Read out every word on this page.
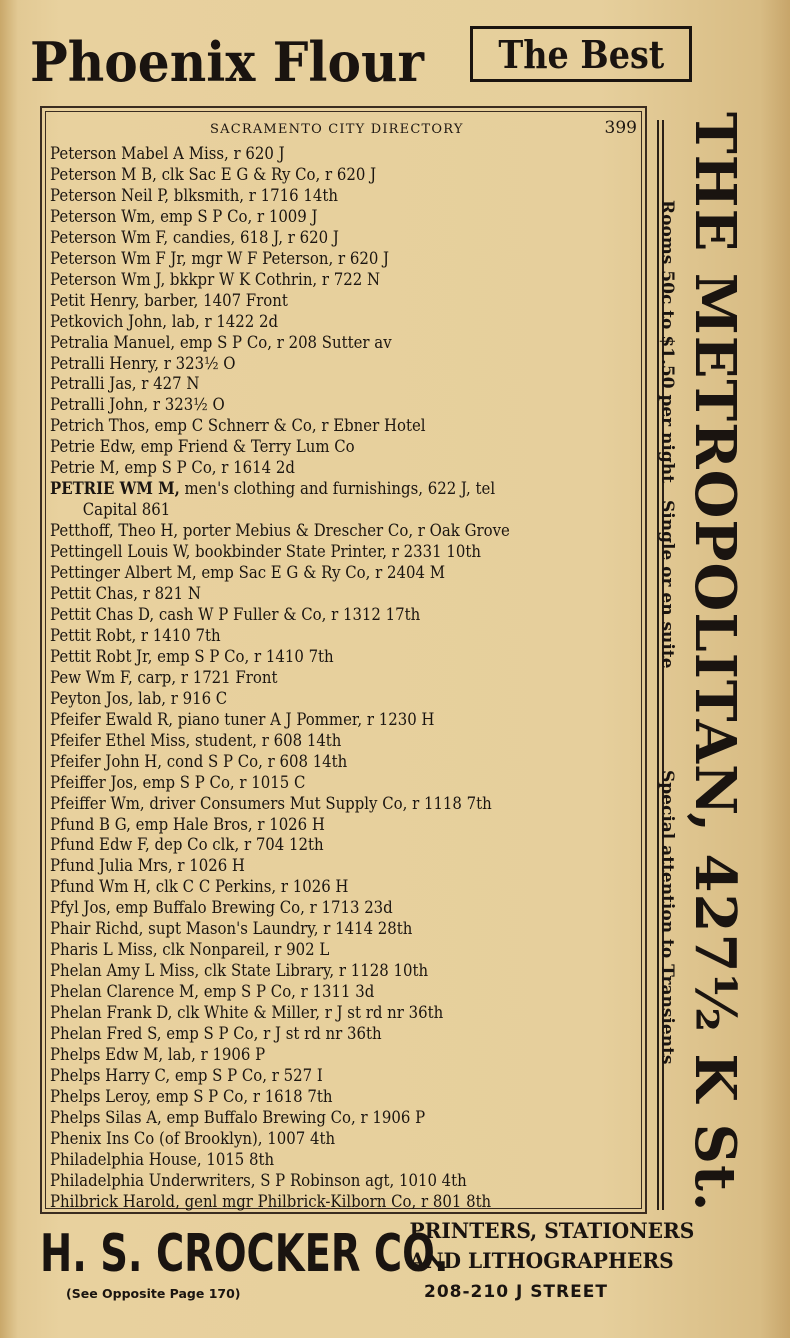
Phoenix Flour The Best
SACRAMENTO CITY DIRECTORY	399
Peterson Mabel A Miss, r 620 J
Peterson M B, clk Sac E G & Ry Co, r 620 J
Peterson Neil P, blksmith, r 1716 14th
Peterson Wm, emp S P Co, r 1009 J
Peterson Wm F, candies, 618 J, r 620 J
Peterson Wm F Jr, mgr W F Peterson, r 620 J
Peterson Wm J, bkkpr W K Cothrin, r 722 N
Petit Henry, barber, 1407 Front
Petkovich John, lab, r 1422 2d
Petralia Manuel, emp S P Co, r 208 Sutter av
Petralli Henry, r 323½ O
Petralli Jas, r 427 N
Petralli John, r 323½ O
Petrich Thos, emp C Schnerr & Co, r Ebner Hotel
Petrie Edw, emp Friend & Terry Lum Co
Petrie M, emp S P Co, r 1614 2d
PETRIE WM M, men's clothing and furnishings, 622 J, tel
Capital 861
Petthoff, Theo H, porter Mebius & Drescher Co, r Oak Grove
Pettingell Louis W, bookbinder State Printer, r 2331 10th
Pettinger Albert M, emp Sac E G & Ry Co, r 2404 M
Pettit Chas, r 821 N
Pettit Chas D, cash W P Fuller & Co, r 1312 17th
Pettit Robt, r 1410 7th
Pettit Robt Jr, emp S P Co, r 1410 7th
Pew Wm F, carp, r 1721 Front
Peyton Jos, lab, r 916 C
Pfeifer Ewald R, piano tuner A J Pommer, r 1230 H
Pfeifer Ethel Miss, student, r 608 14th
Pfeifer John H, cond S P Co, r 608 14th
Pfeiffer Jos, emp S P Co, r 1015 C
Pfeiffer Wm, driver Consumers Mut Supply Co, r 1118 7th
Pfund B G, emp Hale Bros, r 1026 H
Pfund Edw F, dep Co clk, r 704 12th
Pfund Julia Mrs, r 1026 H
Pfund Wm H, clk C C Perkins, r 1026 H
Pfyl Jos, emp Buffalo Brewing Co, r 1713 23d
Phair Richd, supt Mason's Laundry, r 1414 28th
Pharis L Miss, clk Nonpareil, r 902 L
Phelan Amy L Miss, clk State Library, r 1128 10th
Phelan Clarence M, emp S P Co, r 1311 3d
Phelan Frank D, clk White & Miller, r J st rd nr 36th
Phelan Fred S, emp S P Co, r J st rd nr 36th
Phelps Edw M, lab, r 1906 P
Phelps Harry C, emp S P Co, r 527 I
Phelps Leroy, emp S P Co, r 1618 7th
Phelps Silas A, emp Buffalo Brewing Co, r 1906 P
Phenix Ins Co (of Brooklyn), 1007 4th
Philadelphia House, 1015 8th
Philadelphia Underwriters, S P Robinson agt, 1010 4th
Philbrick Harold, genl mgr Philbrick-Kilborn Co, r 801 8th
Rooms 50c to $1.50 per night
Single or en suite
Special attention to Transients THE METROPOLITAN, 427½ K St.
H. S. CROCKER CO.
PRINTERS, STATIONERS
AND LITHOGRAPHERS
(See Opposite Page 170)	208-210 J STREET
